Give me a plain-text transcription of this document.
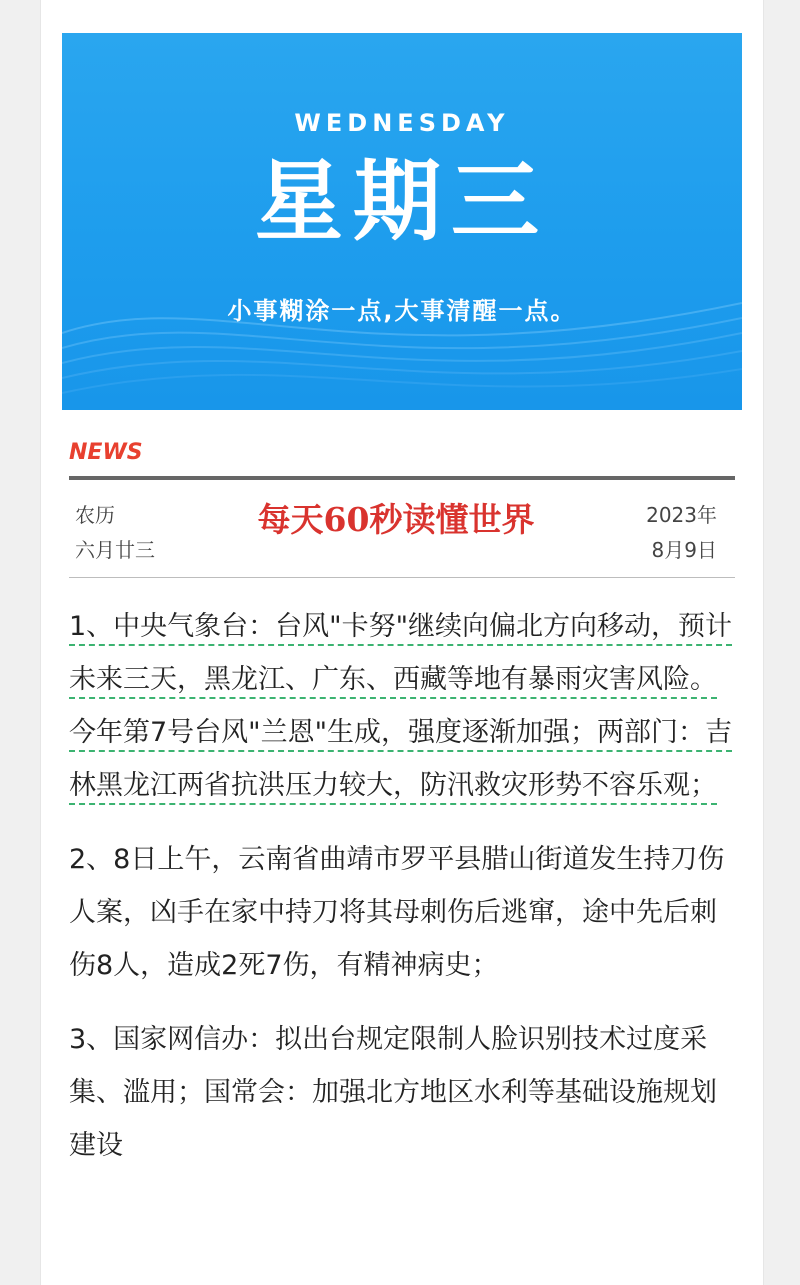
WEDNESDAY
星期三
小事糊涂一点,大事清醒一点。
NEWS
农历
六月廿三
每天60秒读懂世界	2023年
8月9日

1、中央气象台：台风"卡努"继续向偏北方向移动，预计未来三天，黑龙江、广东、西藏等地有暴雨灾害风险。今年第7号台风"兰恩"生成，强度逐渐加强；两部门：吉林黑龙江两省抗洪压力较大，防汛救灾形势不容乐观；

2、8日上午，云南省曲靖市罗平县腊山街道发生持刀伤人案，凶手在家中持刀将其母刺伤后逃窜，途中先后刺伤8人，造成2死7伤，有精神病史；

3、国家网信办：拟出台规定限制人脸识别技术过度采集、滥用；国常会：加强北方地区水利等基础设施规划建设
